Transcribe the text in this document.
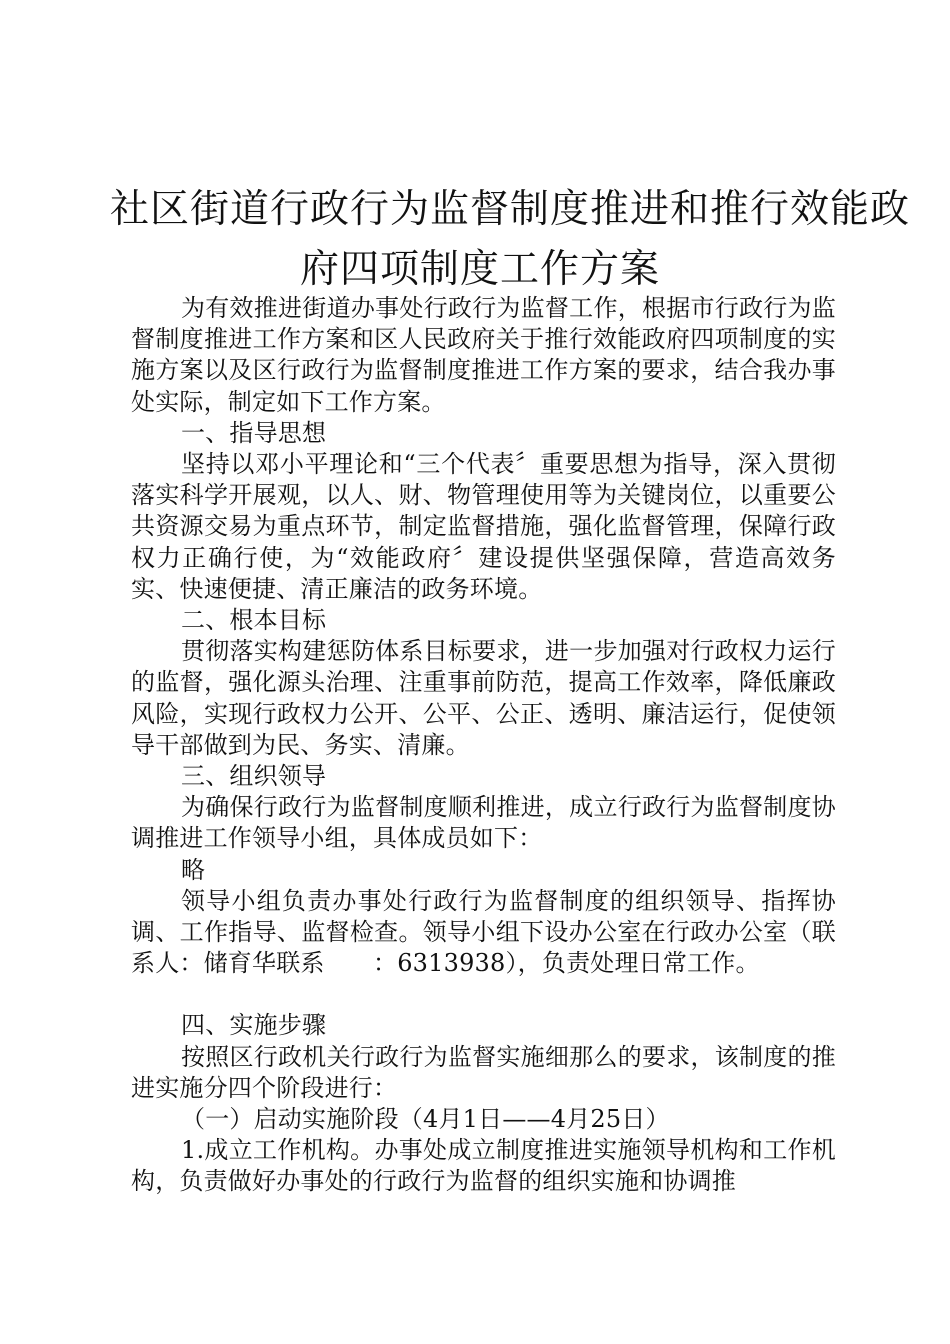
社区街道行政行为监督制度推进和推行效能政
府四项制度工作方案

为有效推进街道办事处行政行为监督工作，根据市行政行为监督制度推进工作方案和区人民政府关于推行效能政府四项制度的实施方案以及区行政行为监督制度推进工作方案的要求，结合我办事处实际，制定如下工作方案。

一、指导思想

坚持以邓小平理论和“三个代表〞重要思想为指导，深入贯彻落实科学开展观，以人、财、物管理使用等为关键岗位，以重要公共资源交易为重点环节，制定监督措施，强化监督管理，保障行政权力正确行使，为“效能政府〞建设提供坚强保障，营造高效务实、快速便捷、清正廉洁的政务环境。

二、根本目标

贯彻落实构建惩防体系目标要求，进一步加强对行政权力运行的监督，强化源头治理、注重事前防范，提高工作效率，降低廉政风险，实现行政权力公开、公平、公正、透明、廉洁运行，促使领导干部做到为民、务实、清廉。

三、组织领导

为确保行政行为监督制度顺利推进，成立行政行为监督制度协调推进工作领导小组，具体成员如下：

略

领导小组负责办事处行政行为监督制度的组织领导、指挥协调、工作指导、监督检查。领导小组下设办公室在行政办公室（联系人：储育华联系　　：6313938），负责处理日常工作。

四、实施步骤

按照区行政机关行政行为监督实施细那么的要求，该制度的推进实施分四个阶段进行：

（一）启动实施阶段（4月1日——4月25日）

1.成立工作机构。办事处成立制度推进实施领导机构和工作机构，负责做好办事处的行政行为监督的组织实施和协调推
